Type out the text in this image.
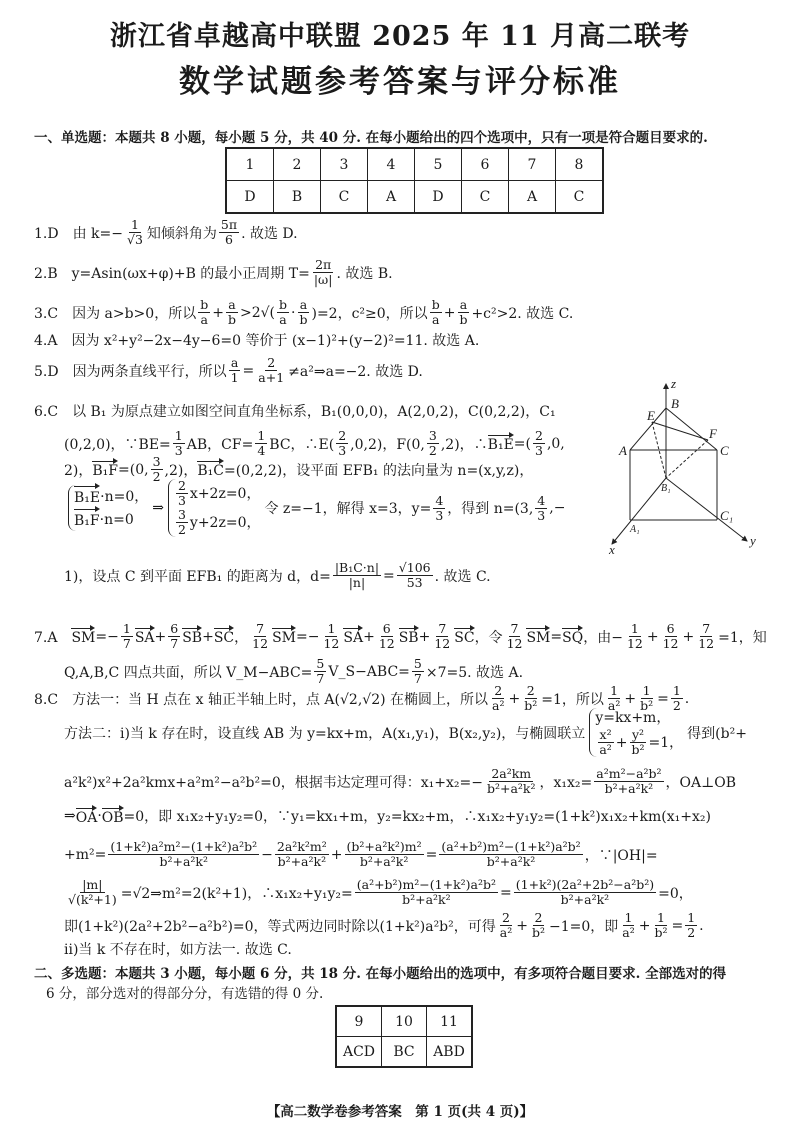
浙江省卓越高中联盟 2025 年 11 月高二联考
数学试题参考答案与评分标准
一、单选题：本题共 8 小题，每小题 5 分，共 40 分. 在每小题给出的四个选项中，只有一项是符合题目要求的.
1	2	3	4	5	6	7	8
D	B	C	A	D	C	A	C
1.D　由 $k=- \frac{1}{√3}$ 知倾斜角为 $\frac{5\pi}{6}$ . 故选 D.
2.B　y=Asin(ωx+φ)+B 的最小正周期 $T= \frac{2\pi}{|\omega|}$ . 故选 B.
3.C　因为 a>b>0，所以 $\frac{b}{a} + \frac{a}{b} >2√( \frac{b}{a} \cdot \frac{a}{b} )=2$，c²≥0，所以 $\frac{b}{a} + \frac{a}{b} +c^2>2$. 故选 C.
4.A　因为 x²+y²−2x−4y−6=0 等价于 (x−1)²+(y−2)²=11. 故选 A.
5.D　因为两条直线平行，所以 $\frac{a}{1} = \frac{2}{a+1}$ ≠a²⇒a=−2. 故选 D.
6.C　以 B₁ 为原点建立如图空间直角坐标系，B₁(0,0,0)，A(2,0,2)，C(0,2,2)，C₁
(0,2,0)，∵BE= $\frac{1}{3}$ AB，$CF= \frac{1}{4}$ BC，∴E( $\frac{2}{3} ,0,2$)，F(0, $\frac{3}{2} ,2$)，∴ B₁E =( $\frac{2}{3} ,0$,
2)， B₁F =(0, $\frac{3}{2} ,2$)， B₁C =(0,2,2)，设平面 EFB₁ 的法向量为 n=(x,y,z)，
B₁E ·n=0，
B₁F ·n=0
⇒ $\frac{2}{3} x+2z=0$，
$\frac{3}{2} y+2z=0$，
令 z=−1，解得 x=3，$y= \frac{4}{3}$ ，得到 n=(3, $\frac{4}{3}$ ,−
1)，设点 C 到平面 EFB₁ 的距离为 d，$d= \frac{\text{|B₁C·n|}}{|n|} = \frac{√106}{53}$ . 故选 C.
7.A　 SM =− $\frac{1}{7}$ SA + $\frac{6}{7}$ SB + SC ， $\frac{7}{12}$ SM =− $\frac{1}{12}$ SA + $\frac{6}{12}$ SB + $\frac{7}{12}$ SC ，令 $\frac{7}{12}$ SM = SQ ，由− $\frac{1}{12} + \frac{6}{12} + \frac{7}{12} =1$，知
Q,A,B,C 四点共面，所以 V_M−ABC= $\frac{5}{7}$ V_S−ABC= $\frac{5}{7} \times 7=5$. 故选 A.
8.C　方法一：当 H 点在 x 轴正半轴上时，点 A(√2,√2) 在椭圆上，所以 $\frac{2}{\text{a²}} + \frac{2}{\text{b²}} =1$，所以 $\frac{1}{\text{a²}} + \frac{1}{\text{b²}} = \frac{1}{2}$ .
方法二：ⅰ)当 k 存在时，设直线 AB 为 y=kx+m，A(x₁,y₁)，B(x₂,y₂)，与椭圆联立
y=kx+m，
$\frac{\text{x²}}{\text{a²}} + \frac{\text{y²}}{\text{b²}} =1$，
得到(b²+
a²k²)x²+2a²kmx+a²m²−a²b²=0，根据韦达定理可得：$x_1+x_2=- \frac{\text{2a²km}}{\text{b²+a²k²}}$ ，$x_1x_2= \frac{\text{a²m²−a²b²}}{\text{b²+a²k²}}$ ，OA⊥OB
⇒ OA · OB =0，即 x₁x₂+y₁y₂=0，∵y₁=kx₁+m，y₂=kx₂+m，∴x₁x₂+y₁y₂=(1+k²)x₁x₂+km(x₁+x₂)
$+m^2= \frac{\text{(1+k²)a²m²−(1+k²)a²b²}}{\text{b²+a²k²}} - \frac{\text{2a²k²m²}}{\text{b²+a²k²}} + \frac{\text{(b²+a²k²)m²}}{\text{b²+a²k²}} = \frac{\text{(a²+b²)m²−(1+k²)a²b²}}{\text{b²+a²k²}}$ ，∵|OH|=
$\frac{|m|}{\text{√(k²+1)}}$ =√2⇒m²=2(k²+1)，∴x₁x₂+y₁y₂= $\frac{\text{(a²+b²)m²−(1+k²)a²b²}}{\text{b²+a²k²}} = \frac{\text{(1+k²)(2a²+2b²−a²b²)}}{\text{b²+a²k²}} =0$，
即(1+k²)(2a²+2b²−a²b²)=0，等式两边同时除以(1+k²)a²b²，可得 $\frac{2}{\text{a²}} + \frac{2}{\text{b²}} -1=0$，即 $\frac{1}{\text{a²}} + \frac{1}{\text{b²}} = \frac{1}{2}$ .
ⅱ)当 k 不存在时，如方法一. 故选 C.
z
B
E
F
A	C
B₁
A₁
C₁
x
y
二、多选题：本题共 3 小题，每小题 6 分，共 18 分. 在每小题给出的选项中，有多项符合题目要求. 全部选对的得
6 分，部分选对的得部分分，有选错的得 0 分.
9	10	11
ACD	BC	ABD
【高二数学卷参考答案　第 1 页(共 4 页)】
